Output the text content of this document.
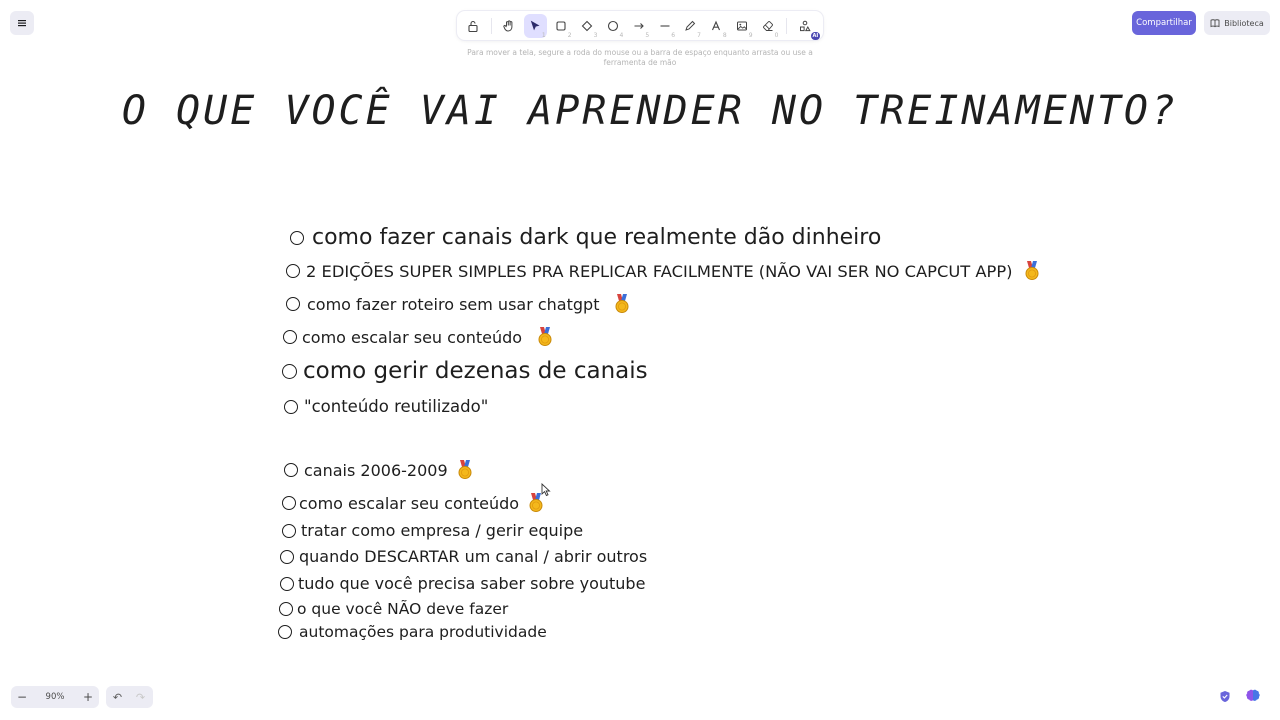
1	2	3	4	5	6	7	8	9	0	AI
Para mover a tela, segure a roda do mouse ou a barra de espaço enquanto arrasta ou use a ferramenta de mão
Compartilhar	Biblioteca
O QUE VOCÊ VAI APRENDER NO TREINAMENTO?
como fazer canais dark que realmente dão dinheiro
2 EDIÇÕES SUPER SIMPLES PRA REPLICAR FACILMENTE (NÃO VAI SER NO CAPCUT APP)
como fazer roteiro sem usar chatgpt
como escalar seu conteúdo
como gerir dezenas de canais
"conteúdo reutilizado"
canais 2006-2009
como escalar seu conteúdo
tratar como empresa / gerir equipe
quando DESCARTAR um canal / abrir outros
tudo que você precisa saber sobre youtube
o que você NÃO deve fazer
automações para produtividade
−	90%	+	↶	↷
